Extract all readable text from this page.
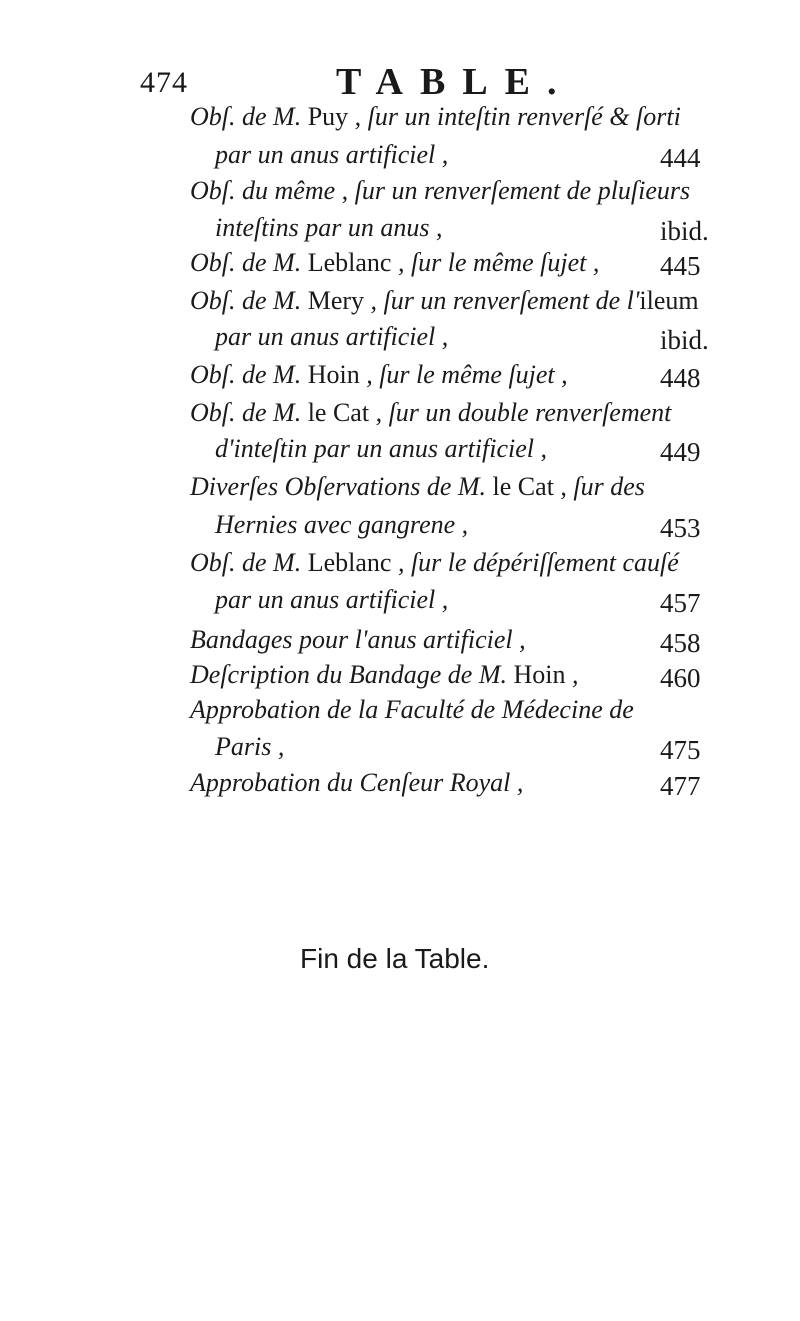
474	TABLE.
Obſ. de M. Puy , ſur un inteſtin renverſé & ſorti
par un anus artificiel ,	444
Obſ. du même , ſur un renverſement de pluſieurs
inteſtins par un anus ,	ibid.
Obſ. de M. Leblanc , ſur le même ſujet , 445
Obſ. de M. Mery , ſur un renverſement de l'ileum
par un anus artificiel ,	ibid.
Obſ. de M. Hoin , ſur le même ſujet ,	448
Obſ. de M. le Cat , ſur un double renverſement
d'inteſtin par un anus artificiel ,	449
Diverſes Obſervations de M. le Cat , ſur des
Hernies avec gangrene ,	453
Obſ. de M. Leblanc , ſur le dépériſſement cauſé
par un anus artificiel ,	457
Bandages pour l'anus artificiel ,	458
Deſcription du Bandage de M. Hoin ,	460
Approbation de la Faculté de Médecine de
Paris ,	475
Approbation du Cenſeur Royal ,	477
Fin de la Table.
